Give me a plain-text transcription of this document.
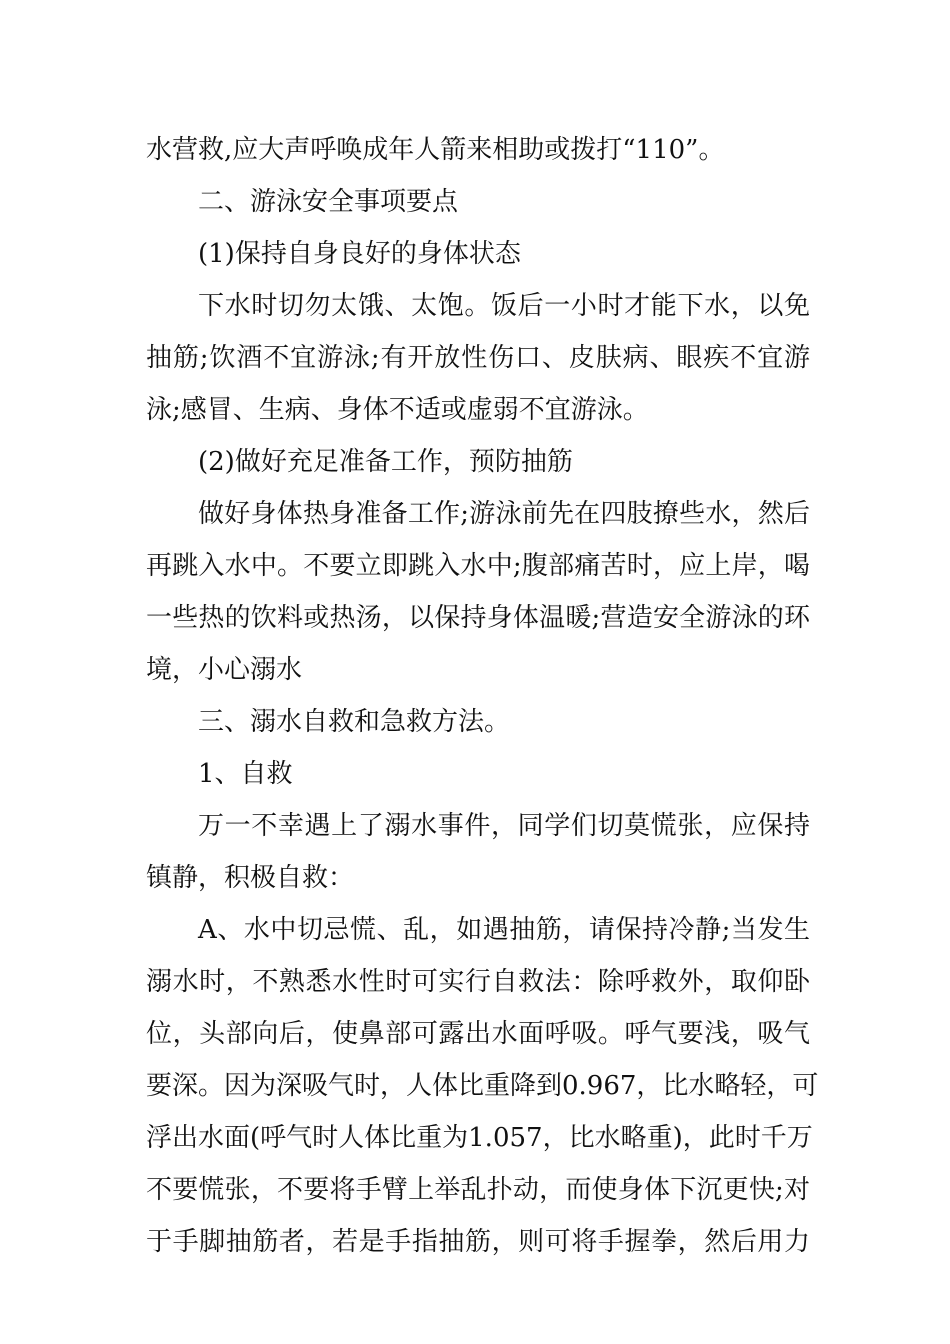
水营救,应大声呼唤成年人箭来相助或拨打“110”。
二、游泳安全事项要点
(1)保持自身良好的身体状态
下水时切勿太饿、太饱。饭后一小时才能下水，以免
抽筋;饮酒不宜游泳;有开放性伤口、皮肤病、眼疾不宜游
泳;感冒、生病、身体不适或虚弱不宜游泳。
(2)做好充足准备工作，预防抽筋
做好身体热身准备工作;游泳前先在四肢撩些水，然后
再跳入水中。不要立即跳入水中;腹部痛苦时，应上岸，喝
一些热的饮料或热汤，以保持身体温暖;营造安全游泳的环
境，小心溺水
三、溺水自救和急救方法。
1、自救
万一不幸遇上了溺水事件，同学们切莫慌张，应保持
镇静，积极自救：
A、水中切忌慌、乱，如遇抽筋，请保持冷静;当发生
溺水时，不熟悉水性时可实行自救法：除呼救外，取仰卧
位，头部向后，使鼻部可露出水面呼吸。呼气要浅，吸气
要深。因为深吸气时，人体比重降到0.967，比水略轻，可
浮出水面(呼气时人体比重为1.057，比水略重)，此时千万
不要慌张，不要将手臂上举乱扑动，而使身体下沉更快;对
于手脚抽筋者，若是手指抽筋，则可将手握拳，然后用力
